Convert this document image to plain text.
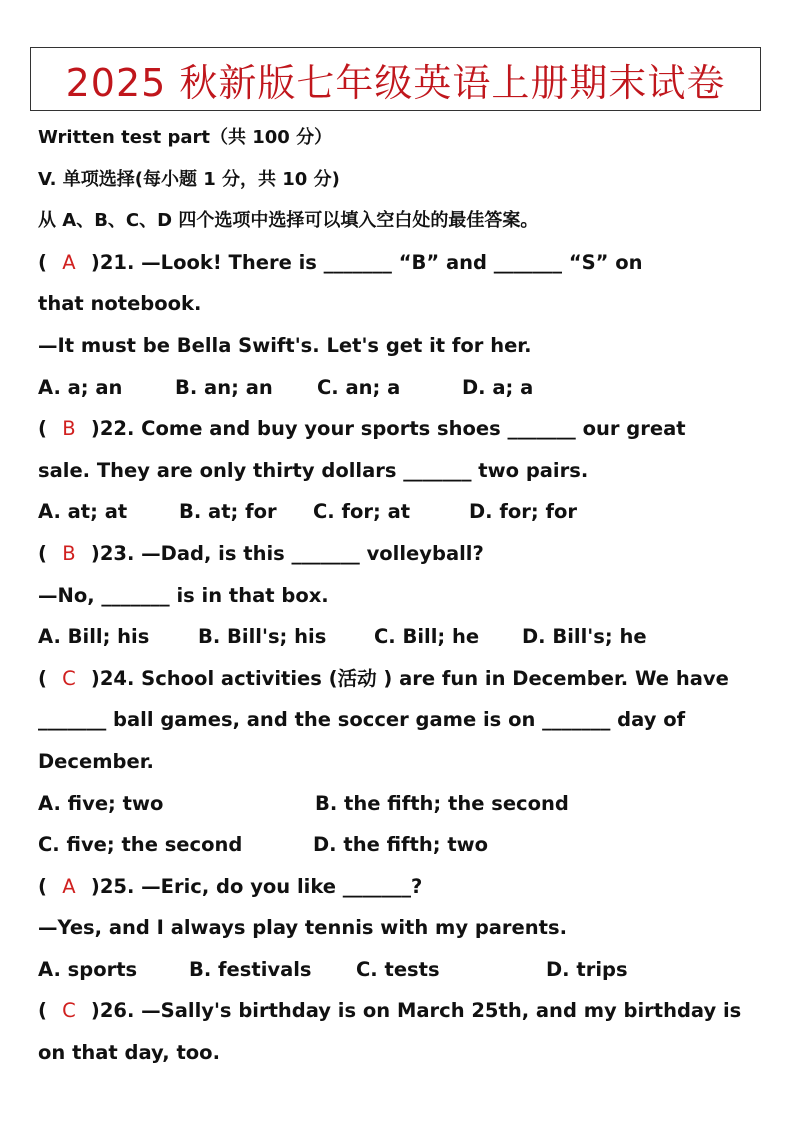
2025 秋新版七年级英语上册期末试卷
Written test part（共 100 分）
V. 单项选择(每小题 1 分，共 10 分)
从 A、B、C、D 四个选项中选择可以填入空白处的最佳答案。
( A )21. —Look! There is _______ “B” and _______ “S” on
that notebook.
—It must be Bella Swift's. Let's get it for her.
A. a; an	B. an; an C. an; a	D. a; a
( B )22. Come and buy your sports shoes _______ our great
sale. They are only thirty dollars _______ two pairs.
A. at; at	B. at; for C. for; at	D. for; for
( B )23. —Dad, is this _______ volleyball?
—No, _______ is in that box.
A. Bill; his B. Bill's; his C. Bill; he D. Bill's; he
( C )24. School activities (活动 ) are fun in December. We have
_______ ball games, and the soccer game is on _______ day of
December.
A. five; two	B. the fifth; the second
C. five; the second	D. the fifth; two
( A )25. —Eric, do you like _______?
—Yes, and I always play tennis with my parents.
A. sports	B. festivals C. tests	D. trips
( C )26. —Sally's birthday is on March 25th, and my birthday is
on that day, too.
